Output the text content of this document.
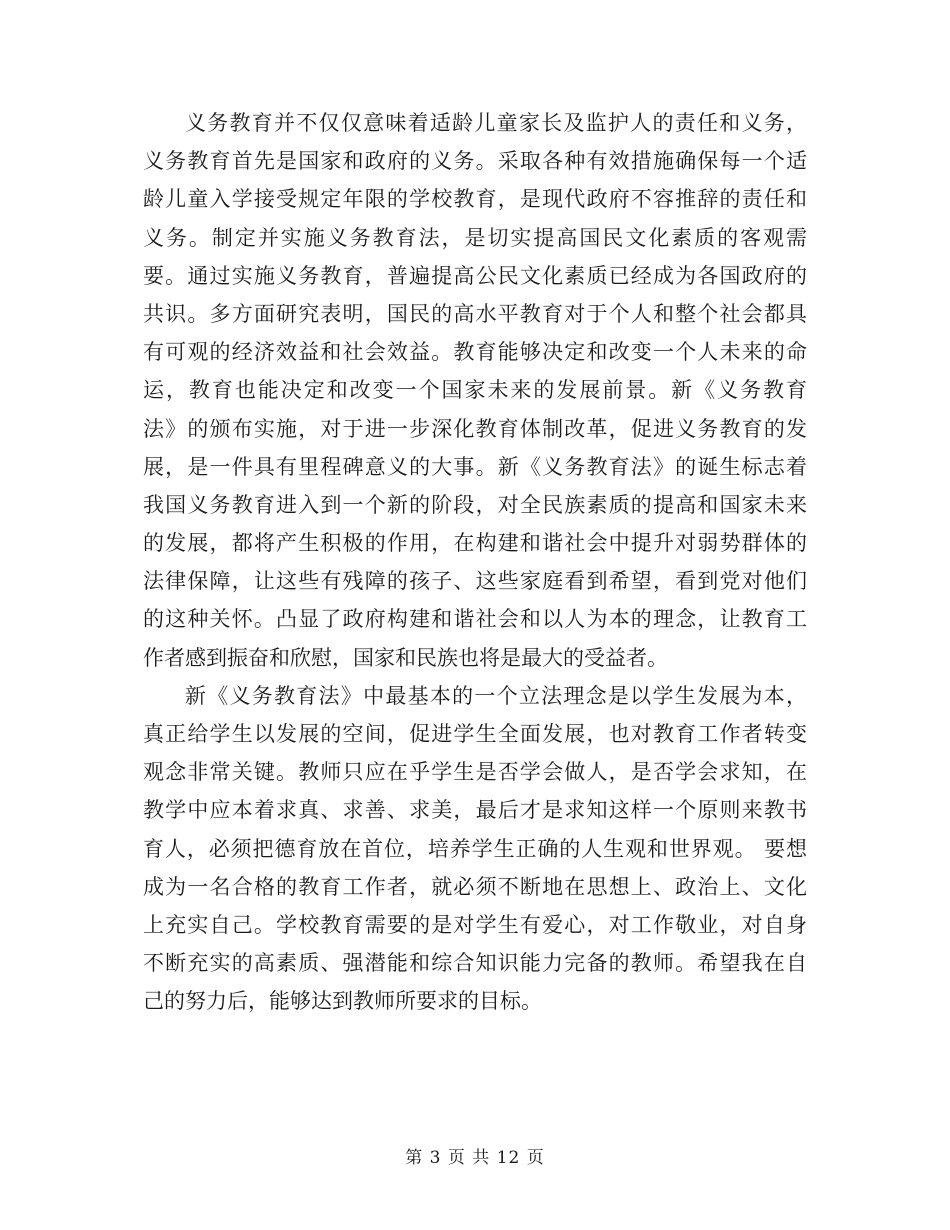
义务教育并不仅仅意味着适龄儿童家长及监护人的责任和义务，
义务教育首先是国家和政府的义务。采取各种有效措施确保每一个适
龄儿童入学接受规定年限的学校教育，是现代政府不容推辞的责任和
义务。制定并实施义务教育法，是切实提高国民文化素质的客观需
要。通过实施义务教育，普遍提高公民文化素质已经成为各国政府的
共识。多方面研究表明，国民的高水平教育对于个人和整个社会都具
有可观的经济效益和社会效益。教育能够决定和改变一个人未来的命
运，教育也能决定和改变一个国家未来的发展前景。新《义务教育
法》的颁布实施，对于进一步深化教育体制改革，促进义务教育的发
展，是一件具有里程碑意义的大事。新《义务教育法》的诞生标志着
我国义务教育进入到一个新的阶段，对全民族素质的提高和国家未来
的发展，都将产生积极的作用，在构建和谐社会中提升对弱势群体的
法律保障，让这些有残障的孩子、这些家庭看到希望，看到党对他们
的这种关怀。凸显了政府构建和谐社会和以人为本的理念，让教育工
作者感到振奋和欣慰，国家和民族也将是最大的受益者。
新《义务教育法》中最基本的一个立法理念是以学生发展为本，
真正给学生以发展的空间，促进学生全面发展，也对教育工作者转变
观念非常关键。教师只应在乎学生是否学会做人，是否学会求知，在
教学中应本着求真、求善、求美，最后才是求知这样一个原则来教书
育人，必须把德育放在首位，培养学生正确的人生观和世界观。 要想
成为一名合格的教育工作者，就必须不断地在思想上、政治上、文化
上充实自己。学校教育需要的是对学生有爱心，对工作敬业，对自身
不断充实的高素质、强潜能和综合知识能力完备的教师。希望我在自
己的努力后，能够达到教师所要求的目标。
第 3 页 共 12 页
